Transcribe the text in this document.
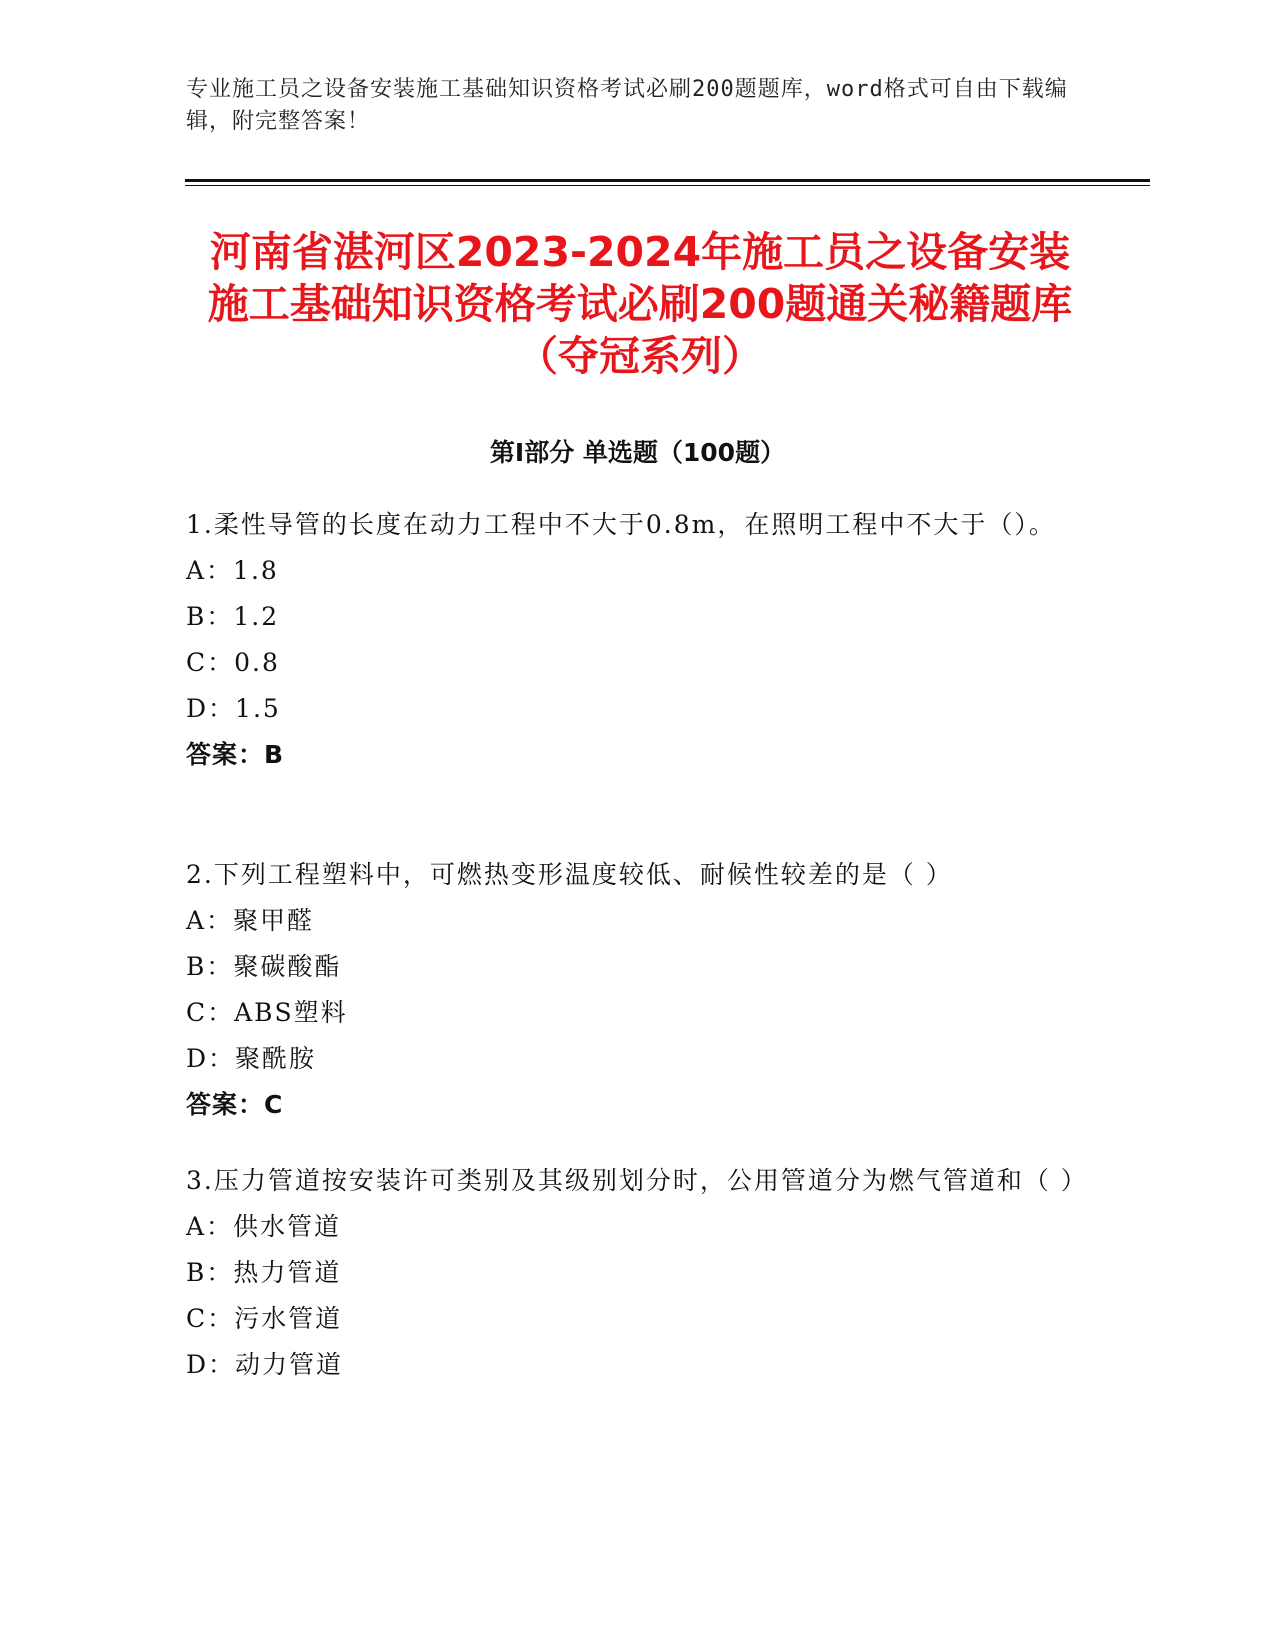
专业施工员之设备安装施工基础知识资格考试必刷200题题库，word格式可自由下载编辑，附完整答案！
河南省湛河区2023-2024年施工员之设备安装施工基础知识资格考试必刷200题通关秘籍题库（夺冠系列）
第Ⅰ部分 单选题（100题）
1.柔性导管的长度在动力工程中不大于0.8m，在照明工程中不大于（）。
A：1.8
B：1.2
C：0.8
D：1.5
答案：B
2.下列工程塑料中，可燃热变形温度较低、耐候性较差的是（ ）
A：聚甲醛
B：聚碳酸酯
C：ABS塑料
D：聚酰胺
答案：C
3.压力管道按安装许可类别及其级别划分时，公用管道分为燃气管道和（ ）
A：供水管道
B：热力管道
C：污水管道
D：动力管道
